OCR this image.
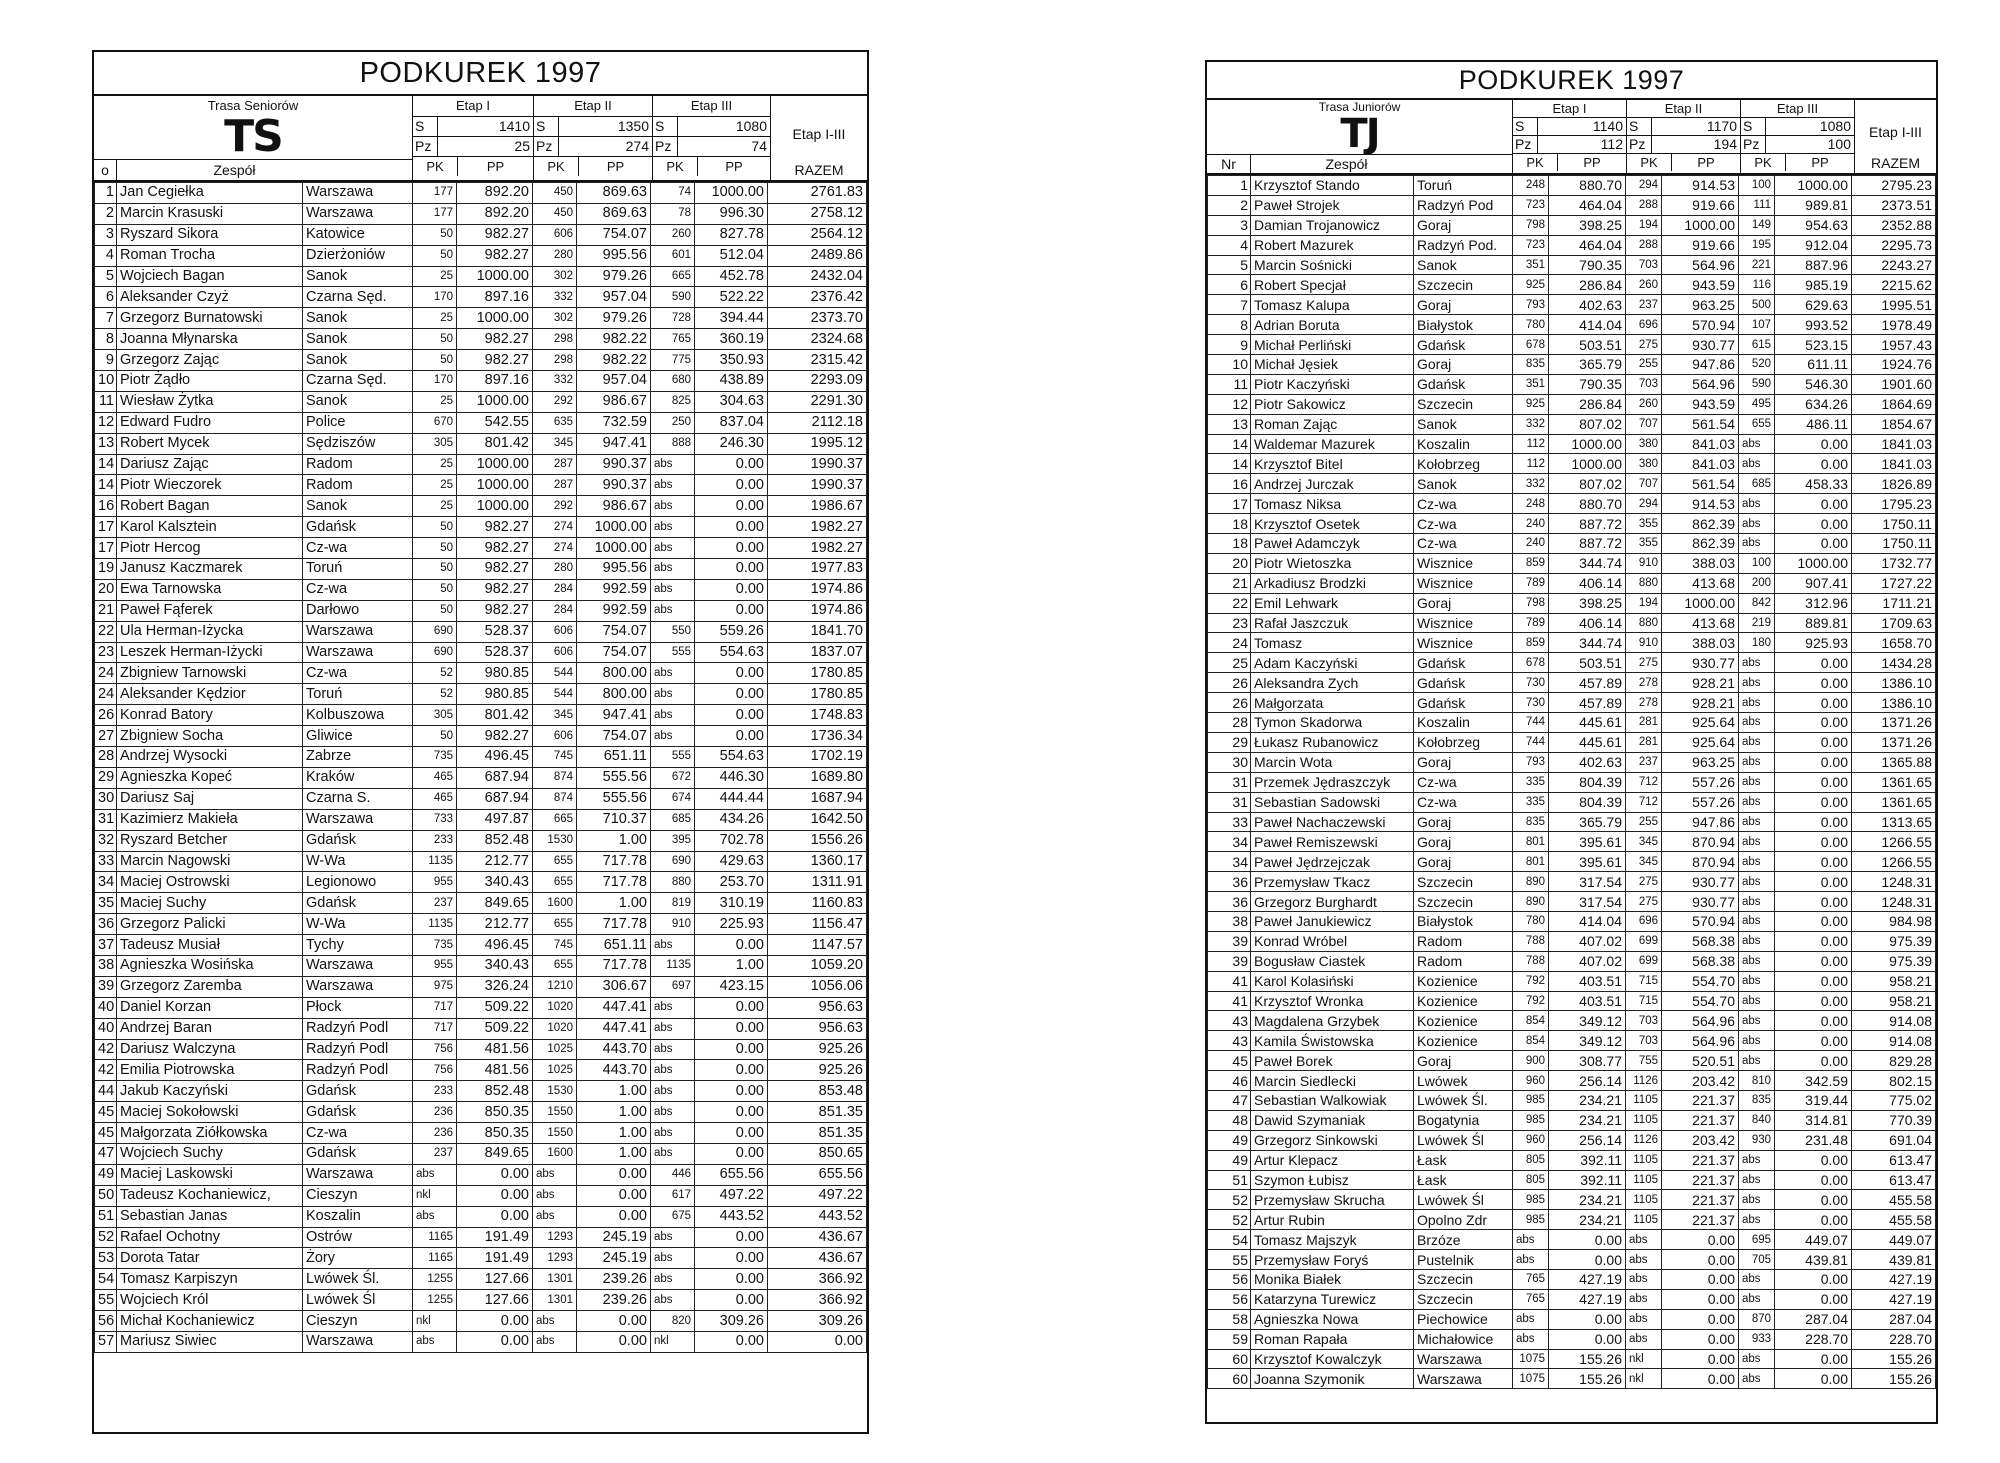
PODKUREK 1997
Trasa Seniorów
TS
o	Zespół
Etap I
S	1410
Pz	25
PK	PP
Etap II
S	1350
Pz	274
PK	PP
Etap III
S	1080
Pz	74
PK	PP
Etap I-III
RAZEM
1	Jan Cegiełka	Warszawa	177	892.20	450	869.63	74	1000.00	2761.83
2	Marcin Krasuski	Warszawa	177	892.20	450	869.63	78	996.30	2758.12
3	Ryszard Sikora	Katowice	50	982.27	606	754.07	260	827.78	2564.12
4	Roman Trocha	Dzierżoniów	50	982.27	280	995.56	601	512.04	2489.86
5	Wojciech Bagan	Sanok	25	1000.00	302	979.26	665	452.78	2432.04
6	Aleksander Czyż	Czarna Sęd.	170	897.16	332	957.04	590	522.22	2376.42
7	Grzegorz Burnatowski	Sanok	25	1000.00	302	979.26	728	394.44	2373.70
8	Joanna Młynarska	Sanok	50	982.27	298	982.22	765	360.19	2324.68
9	Grzegorz Zając	Sanok	50	982.27	298	982.22	775	350.93	2315.42
10	Piotr Żądło	Czarna Sęd.	170	897.16	332	957.04	680	438.89	2293.09
11	Wiesław Żytka	Sanok	25	1000.00	292	986.67	825	304.63	2291.30
12	Edward Fudro	Police	670	542.55	635	732.59	250	837.04	2112.18
13	Robert Mycek	Sędziszów	305	801.42	345	947.41	888	246.30	1995.12
14	Dariusz Zając	Radom	25	1000.00	287	990.37	abs	0.00	1990.37
14	Piotr Wieczorek	Radom	25	1000.00	287	990.37	abs	0.00	1990.37
16	Robert Bagan	Sanok	25	1000.00	292	986.67	abs	0.00	1986.67
17	Karol Kalsztein	Gdańsk	50	982.27	274	1000.00	abs	0.00	1982.27
17	Piotr Hercog	Cz-wa	50	982.27	274	1000.00	abs	0.00	1982.27
19	Janusz Kaczmarek	Toruń	50	982.27	280	995.56	abs	0.00	1977.83
20	Ewa Tarnowska	Cz-wa	50	982.27	284	992.59	abs	0.00	1974.86
21	Paweł Fąferek	Darłowo	50	982.27	284	992.59	abs	0.00	1974.86
22	Ula Herman-Iżycka	Warszawa	690	528.37	606	754.07	550	559.26	1841.70
23	Leszek Herman-Iżycki	Warszawa	690	528.37	606	754.07	555	554.63	1837.07
24	Zbigniew Tarnowski	Cz-wa	52	980.85	544	800.00	abs	0.00	1780.85
24	Aleksander Kędzior	Toruń	52	980.85	544	800.00	abs	0.00	1780.85
26	Konrad Batory	Kolbuszowa	305	801.42	345	947.41	abs	0.00	1748.83
27	Zbigniew Socha	Gliwice	50	982.27	606	754.07	abs	0.00	1736.34
28	Andrzej Wysocki	Zabrze	735	496.45	745	651.11	555	554.63	1702.19
29	Agnieszka Kopeć	Kraków	465	687.94	874	555.56	672	446.30	1689.80
30	Dariusz Saj	Czarna S.	465	687.94	874	555.56	674	444.44	1687.94
31	Kazimierz Makieła	Warszawa	733	497.87	665	710.37	685	434.26	1642.50
32	Ryszard Betcher	Gdańsk	233	852.48	1530	1.00	395	702.78	1556.26
33	Marcin Nagowski	W-Wa	1135	212.77	655	717.78	690	429.63	1360.17
34	Maciej Ostrowski	Legionowo	955	340.43	655	717.78	880	253.70	1311.91
35	Maciej Suchy	Gdańsk	237	849.65	1600	1.00	819	310.19	1160.83
36	Grzegorz Palicki	W-Wa	1135	212.77	655	717.78	910	225.93	1156.47
37	Tadeusz Musiał	Tychy	735	496.45	745	651.11	abs	0.00	1147.57
38	Agnieszka Wosińska	Warszawa	955	340.43	655	717.78	1135	1.00	1059.20
39	Grzegorz Zaremba	Warszawa	975	326.24	1210	306.67	697	423.15	1056.06
40	Daniel Korzan	Płock	717	509.22	1020	447.41	abs	0.00	956.63
40	Andrzej Baran	Radzyń Podl	717	509.22	1020	447.41	abs	0.00	956.63
42	Dariusz Walczyna	Radzyń Podl	756	481.56	1025	443.70	abs	0.00	925.26
42	Emilia Piotrowska	Radzyń Podl	756	481.56	1025	443.70	abs	0.00	925.26
44	Jakub Kaczyński	Gdańsk	233	852.48	1530	1.00	abs	0.00	853.48
45	Maciej Sokołowski	Gdańsk	236	850.35	1550	1.00	abs	0.00	851.35
45	Małgorzata Ziółkowska	Cz-wa	236	850.35	1550	1.00	abs	0.00	851.35
47	Wojciech Suchy	Gdańsk	237	849.65	1600	1.00	abs	0.00	850.65
49	Maciej Laskowski	Warszawa	abs	0.00	abs	0.00	446	655.56	655.56
50	Tadeusz Kochaniewicz,	Cieszyn	nkl	0.00	abs	0.00	617	497.22	497.22
51	Sebastian Janas	Koszalin	abs	0.00	abs	0.00	675	443.52	443.52
52	Rafael Ochotny	Ostrów	1165	191.49	1293	245.19	abs	0.00	436.67
53	Dorota Tatar	Żory	1165	191.49	1293	245.19	abs	0.00	436.67
54	Tomasz Karpiszyn	Lwówek Śl.	1255	127.66	1301	239.26	abs	0.00	366.92
55	Wojciech Król	Lwówek Śl	1255	127.66	1301	239.26	abs	0.00	366.92
56	Michał Kochaniewicz	Cieszyn	nkl	0.00	abs	0.00	820	309.26	309.26
57	Mariusz Siwiec	Warszawa	abs	0.00	abs	0.00	nkl	0.00	0.00
PODKUREK 1997
Trasa Juniorów
TJ
Nr	Zespół
Etap I
S	1140
Pz	112
PK	PP
Etap II
S	1170
Pz	194
PK	PP
Etap III
S	1080
Pz	100
PK	PP
Etap I-III
RAZEM
1	Krzysztof Stando	Toruń	248	880.70	294	914.53	100	1000.00	2795.23
2	Paweł Strojek	Radzyń Pod	723	464.04	288	919.66	111	989.81	2373.51
3	Damian Trojanowicz	Goraj	798	398.25	194	1000.00	149	954.63	2352.88
4	Robert Mazurek	Radzyń Pod.	723	464.04	288	919.66	195	912.04	2295.73
5	Marcin Sośnicki	Sanok	351	790.35	703	564.96	221	887.96	2243.27
6	Robert Specjał	Szczecin	925	286.84	260	943.59	116	985.19	2215.62
7	Tomasz Kalupa	Goraj	793	402.63	237	963.25	500	629.63	1995.51
8	Adrian Boruta	Białystok	780	414.04	696	570.94	107	993.52	1978.49
9	Michał Perliński	Gdańsk	678	503.51	275	930.77	615	523.15	1957.43
10	Michał Jęsiek	Goraj	835	365.79	255	947.86	520	611.11	1924.76
11	Piotr Kaczyński	Gdańsk	351	790.35	703	564.96	590	546.30	1901.60
12	Piotr Sakowicz	Szczecin	925	286.84	260	943.59	495	634.26	1864.69
13	Roman Zając	Sanok	332	807.02	707	561.54	655	486.11	1854.67
14	Waldemar Mazurek	Koszalin	112	1000.00	380	841.03	abs	0.00	1841.03
14	Krzysztof Bitel	Kołobrzeg	112	1000.00	380	841.03	abs	0.00	1841.03
16	Andrzej Jurczak	Sanok	332	807.02	707	561.54	685	458.33	1826.89
17	Tomasz Niksa	Cz-wa	248	880.70	294	914.53	abs	0.00	1795.23
18	Krzysztof Osetek	Cz-wa	240	887.72	355	862.39	abs	0.00	1750.11
18	Paweł Adamczyk	Cz-wa	240	887.72	355	862.39	abs	0.00	1750.11
20	Piotr Wietoszka	Wisznice	859	344.74	910	388.03	100	1000.00	1732.77
21	Arkadiusz Brodzki	Wisznice	789	406.14	880	413.68	200	907.41	1727.22
22	Emil Lehwark	Goraj	798	398.25	194	1000.00	842	312.96	1711.21
23	Rafał Jaszczuk	Wisznice	789	406.14	880	413.68	219	889.81	1709.63
24	Tomasz	Wisznice	859	344.74	910	388.03	180	925.93	1658.70
25	Adam Kaczyński	Gdańsk	678	503.51	275	930.77	abs	0.00	1434.28
26	Aleksandra Zych	Gdańsk	730	457.89	278	928.21	abs	0.00	1386.10
26	Małgorzata	Gdańsk	730	457.89	278	928.21	abs	0.00	1386.10
28	Tymon Skadorwa	Koszalin	744	445.61	281	925.64	abs	0.00	1371.26
29	Łukasz Rubanowicz	Kołobrzeg	744	445.61	281	925.64	abs	0.00	1371.26
30	Marcin Wota	Goraj	793	402.63	237	963.25	abs	0.00	1365.88
31	Przemek Jędraszczyk	Cz-wa	335	804.39	712	557.26	abs	0.00	1361.65
31	Sebastian Sadowski	Cz-wa	335	804.39	712	557.26	abs	0.00	1361.65
33	Paweł Nachaczewski	Goraj	835	365.79	255	947.86	abs	0.00	1313.65
34	Paweł Remiszewski	Goraj	801	395.61	345	870.94	abs	0.00	1266.55
34	Paweł Jędrzejczak	Goraj	801	395.61	345	870.94	abs	0.00	1266.55
36	Przemysław Tkacz	Szczecin	890	317.54	275	930.77	abs	0.00	1248.31
36	Grzegorz Burghardt	Szczecin	890	317.54	275	930.77	abs	0.00	1248.31
38	Paweł Janukiewicz	Białystok	780	414.04	696	570.94	abs	0.00	984.98
39	Konrad Wróbel	Radom	788	407.02	699	568.38	abs	0.00	975.39
39	Bogusław Ciastek	Radom	788	407.02	699	568.38	abs	0.00	975.39
41	Karol Kolasiński	Kozienice	792	403.51	715	554.70	abs	0.00	958.21
41	Krzysztof Wronka	Kozienice	792	403.51	715	554.70	abs	0.00	958.21
43	Magdalena Grzybek	Kozienice	854	349.12	703	564.96	abs	0.00	914.08
43	Kamila Świstowska	Kozienice	854	349.12	703	564.96	abs	0.00	914.08
45	Paweł Borek	Goraj	900	308.77	755	520.51	abs	0.00	829.28
46	Marcin Siedlecki	Lwówek	960	256.14	1126	203.42	810	342.59	802.15
47	Sebastian Walkowiak	Lwówek Śl.	985	234.21	1105	221.37	835	319.44	775.02
48	Dawid Szymaniak	Bogatynia	985	234.21	1105	221.37	840	314.81	770.39
49	Grzegorz Sinkowski	Lwówek Śl	960	256.14	1126	203.42	930	231.48	691.04
49	Artur Klepacz	Łask	805	392.11	1105	221.37	abs	0.00	613.47
51	Szymon Łubisz	Łask	805	392.11	1105	221.37	abs	0.00	613.47
52	Przemysław Skrucha	Lwówek Śl	985	234.21	1105	221.37	abs	0.00	455.58
52	Artur Rubin	Opolno Zdr	985	234.21	1105	221.37	abs	0.00	455.58
54	Tomasz Majszyk	Brzóze	abs	0.00	abs	0.00	695	449.07	449.07
55	Przemysław Foryś	Pustelnik	abs	0.00	abs	0.00	705	439.81	439.81
56	Monika Białek	Szczecin	765	427.19	abs	0.00	abs	0.00	427.19
56	Katarzyna Turewicz	Szczecin	765	427.19	abs	0.00	abs	0.00	427.19
58	Agnieszka Nowa	Piechowice	abs	0.00	abs	0.00	870	287.04	287.04
59	Roman Rapała	Michałowice	abs	0.00	abs	0.00	933	228.70	228.70
60	Krzysztof Kowalczyk	Warszawa	1075	155.26	nkl	0.00	abs	0.00	155.26
60	Joanna Szymonik	Warszawa	1075	155.26	nkl	0.00	abs	0.00	155.26
